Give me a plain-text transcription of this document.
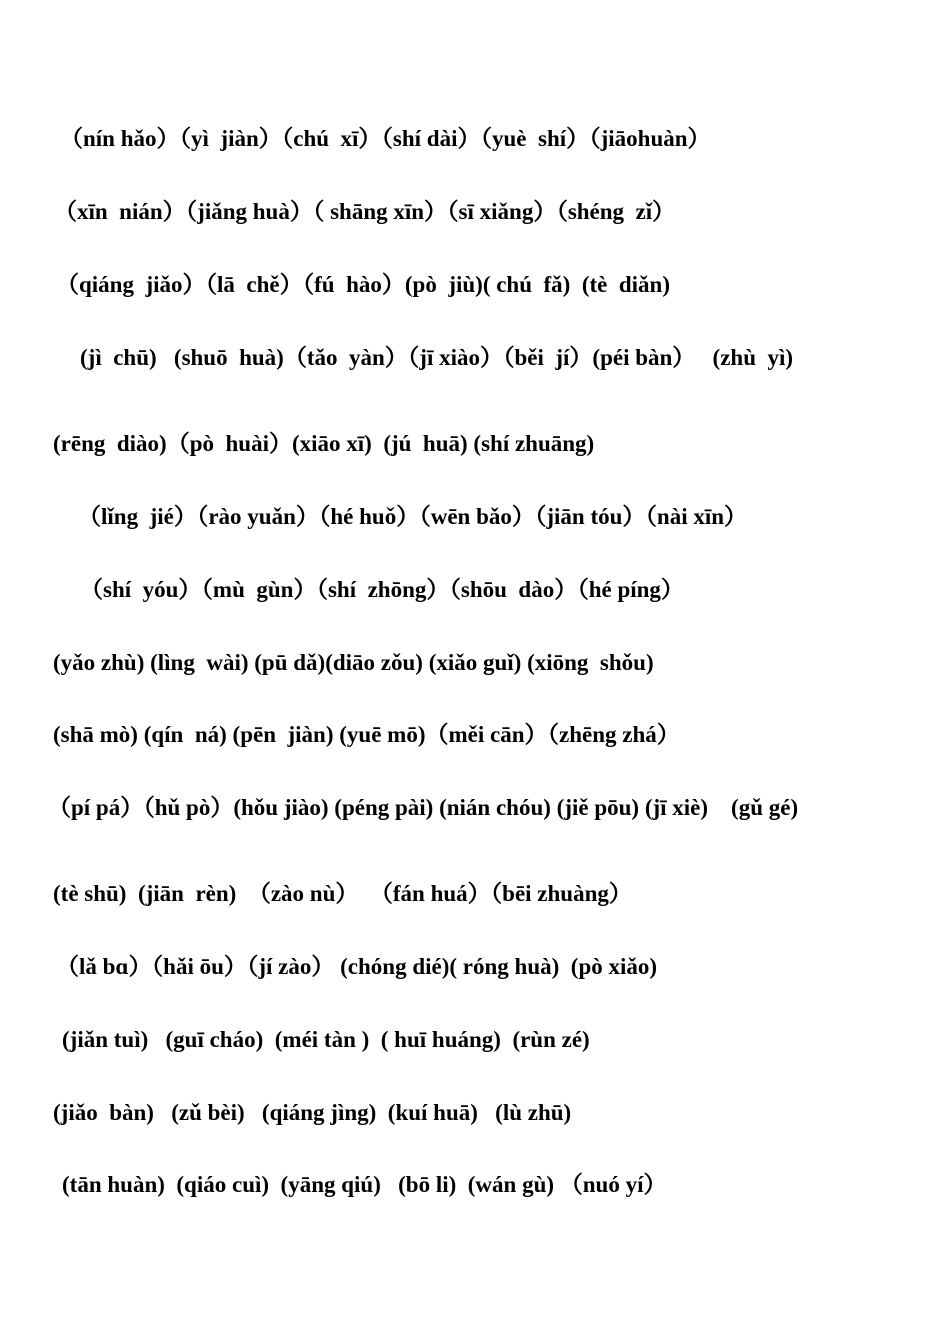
（nín hǎo）（yì  jiàn）（chú  xī）（shí dài）（yuè  shí）（jiāohuàn）
（xīn  nián）（jiǎng huà）（ shāng xīn）（sī xiǎng）（shéng  zǐ）
（qiáng  jiǎo）（lā  chě）（fú  hào）(pò  jiù)( chú  fǎ)  (tè  diǎn)
(jì  chū)   (shuō  huà)（tǎo  yàn）（jī xiào）（běi  jí）(péi bàn）   (zhù  yì)
(rēng  diào)（pò  huài）(xiāo xī)  (jú  huā) (shí zhuāng)
（lǐng  jié）（rào yuǎn）（hé huǒ）（wēn bǎo）（jiān tóu）（nài xīn）
（shí  yóu）（mù  gùn）（shí  zhōng）（shōu  dào）（hé píng）
(yǎo zhù) (lìng  wài) (pū dǎ)(diāo zǒu) (xiǎo guǐ) (xiōng  shǒu)
(shā mò) (qín  ná) (pēn  jiàn) (yuē mō)（měi cān）（zhēng zhá）
（pí pá）（hǔ pò）(hǒu jiào) (péng pài) (nián chóu) (jiě pōu) (jī xiè)    (gǔ gé)
(tè shū)  (jiān  rèn)  （zào nù）  （fán huá）（bēi zhuàng）
（lǎ bɑ）（hǎi ōu）（jí zào） (chóng dié)( róng huà)  (pò xiǎo)
(jiǎn tuì)   (guī cháo)  (méi tàn )  ( huī huáng)  (rùn zé)
(jiǎo  bàn)   (zǔ bèi)   (qiáng jìng)  (kuí huā)   (lù zhū)
(tān huàn)  (qiáo cuì)  (yāng qiú)   (bō li)  (wán gù) （nuó yí）
